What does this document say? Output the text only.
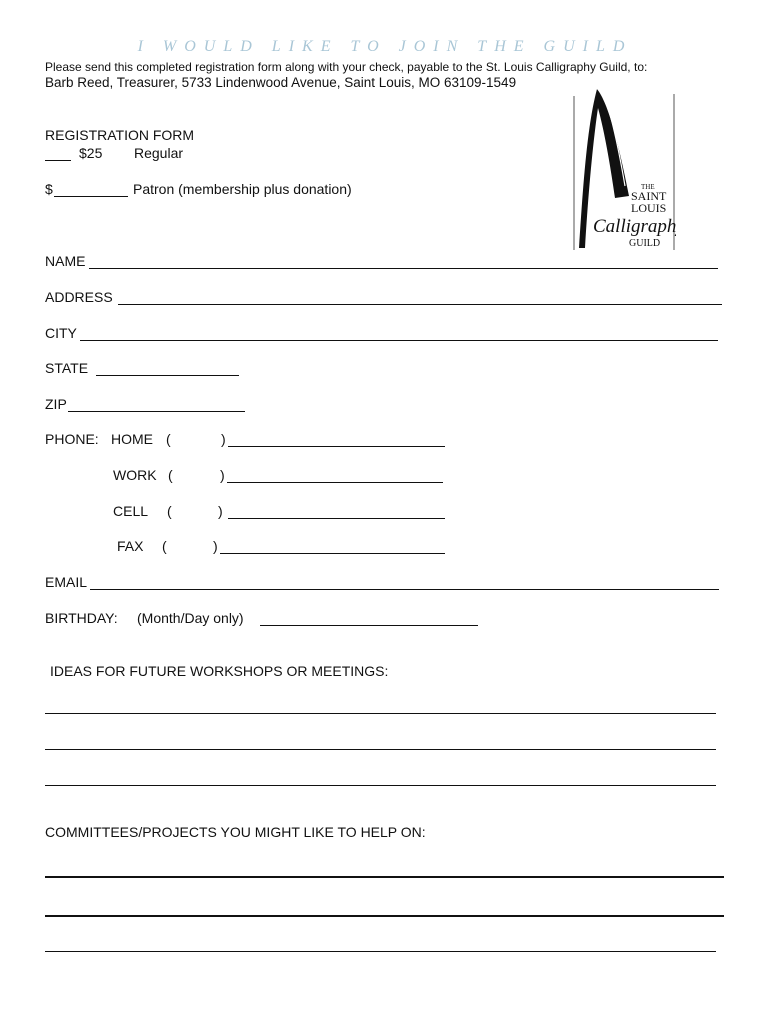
I WOULD LIKE TO JOIN THE GUILD
Please send this completed registration form along with your check, payable to the St. Louis Calligraphy Guild, to:
Barb Reed, Treasurer, 5733 Lindenwood Avenue, Saint Louis, MO 63109-1549
THE
SAINT
LOUIS
Calligraphy
GUILD
REGISTRATION FORM
$25 Regular
$	Patron (membership plus donation)
NAME
ADDRESS
CITY
STATE
ZIP
PHONE: HOME (	)
WORK (	)
CELL (	)
FAX (	)
EMAIL
BIRTHDAY: (Month/Day only)
IDEAS FOR FUTURE WORKSHOPS OR MEETINGS:
COMMITTEES/PROJECTS YOU MIGHT LIKE TO HELP ON:
